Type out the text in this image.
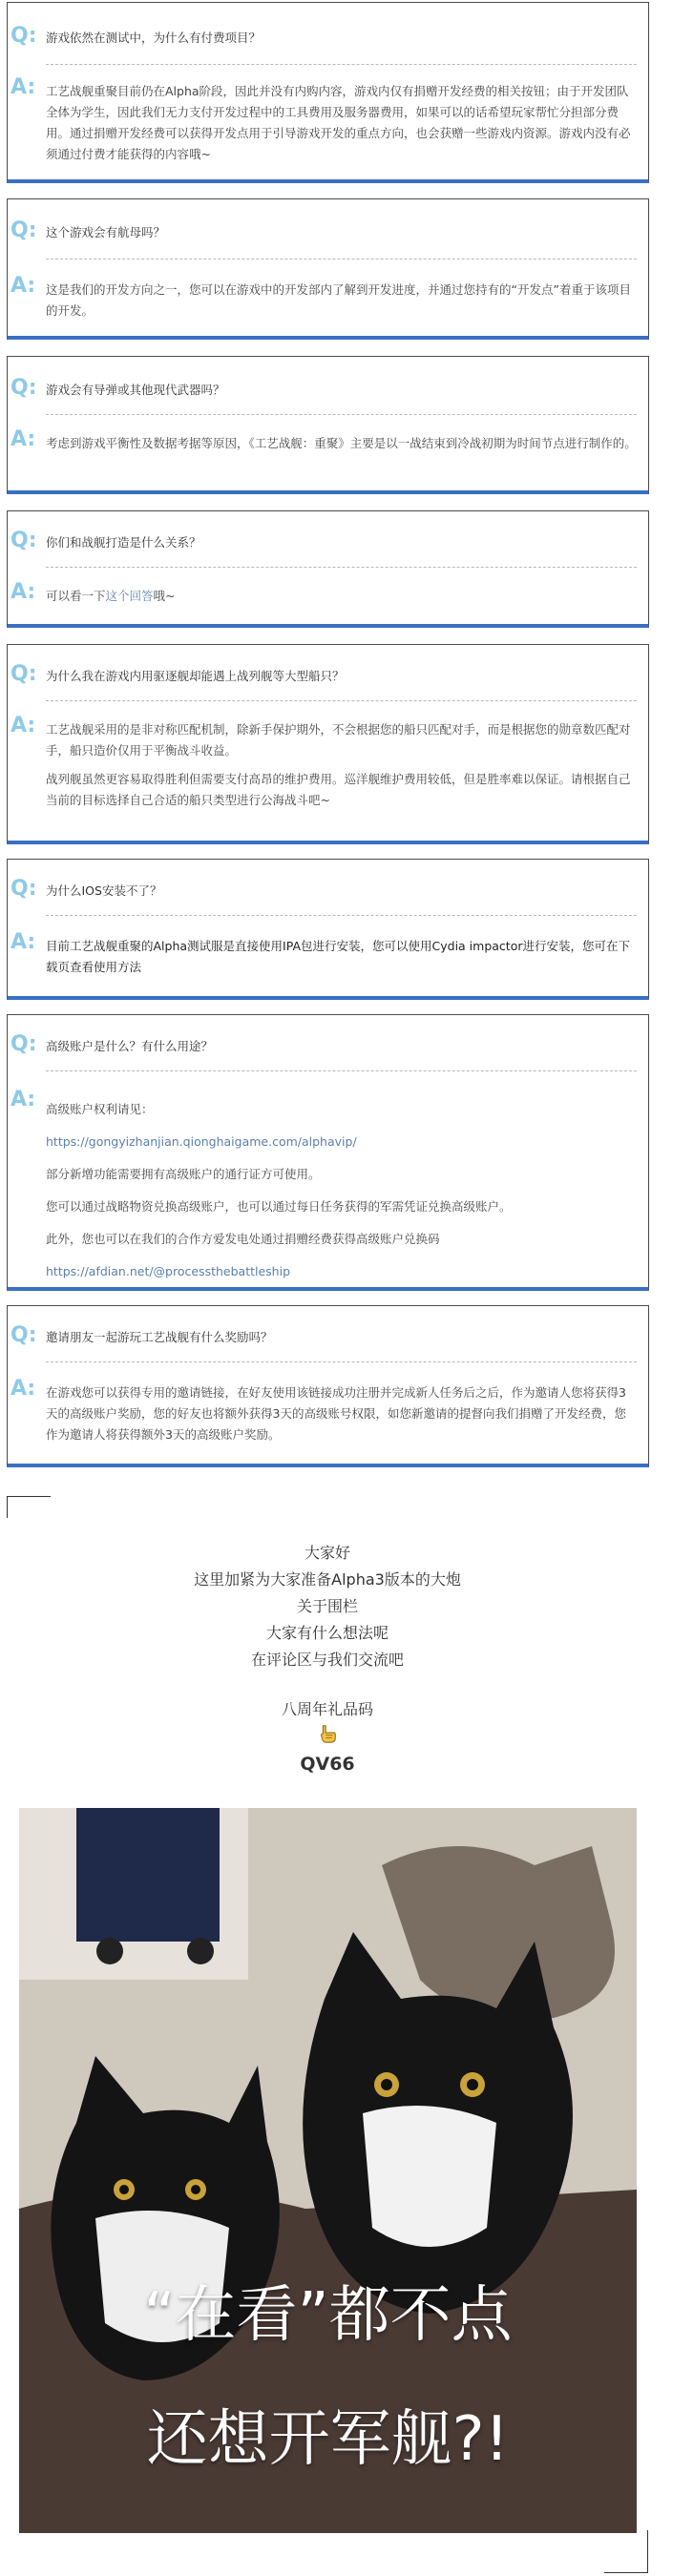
Q: 游戏依然在测试中，为什么有付费项目？
A: 工艺战舰重聚目前仍在Alpha阶段，因此并没有内购内容，游戏内仅有捐赠开发经费的相关按钮；由于开发团队全体为学生，因此我们无力支付开发过程中的工具费用及服务器费用，如果可以的话希望玩家帮忙分担部分费用。通过捐赠开发经费可以获得开发点用于引导游戏开发的重点方向，也会获赠一些游戏内资源。游戏内没有必须通过付费才能获得的内容哦~

Q: 这个游戏会有航母吗？
A: 这是我们的开发方向之一，您可以在游戏中的开发部内了解到开发进度，并通过您持有的“开发点”着重于该项目的开发。

Q: 游戏会有导弹或其他现代武器吗？
A: 考虑到游戏平衡性及数据考据等原因，《工艺战舰：重聚》主要是以一战结束到冷战初期为时间节点进行制作的。

Q: 你们和战舰打造是什么关系？
A: 可以看一下这个回答哦~

Q: 为什么我在游戏内用驱逐舰却能遇上战列舰等大型船只？
A: 工艺战舰采用的是非对称匹配机制，除新手保护期外，不会根据您的船只匹配对手，而是根据您的勋章数匹配对手，船只造价仅用于平衡战斗收益。

战列舰虽然更容易取得胜利但需要支付高昂的维护费用。巡洋舰维护费用较低，但是胜率难以保证。请根据自己当前的目标选择自己合适的船只类型进行公海战斗吧~

Q: 为什么IOS安装不了？
A: 目前工艺战舰重聚的Alpha测试服是直接使用IPA包进行安装，您可以使用Cydia impactor进行安装，您可在下载页查看使用方法

Q: 高级账户是什么？有什么用途？
A: 高级账户权利请见：

https://gongyizhanjian.qionghaigame.com/alphavip/

部分新增功能需要拥有高级账户的通行证方可使用。

您可以通过战略物资兑换高级账户，也可以通过每日任务获得的军需凭证兑换高级账户。

此外，您也可以在我们的合作方爱发电处通过捐赠经费获得高级账户兑换码

https://afdian.net/@processthebattleship

Q: 邀请朋友一起游玩工艺战舰有什么奖励吗？
A: 在游戏您可以获得专用的邀请链接，在好友使用该链接成功注册并完成新人任务后之后，作为邀请人您将获得3天的高级账户奖励，您的好友也将额外获得3天的高级账号权限，如您新邀请的提督向我们捐赠了开发经费，您作为邀请人将获得额外3天的高级账户奖励。

大家好
这里加紧为大家准备Alpha3版本的大炮
关于围栏
大家有什么想法呢
在评论区与我们交流吧
八周年礼品码
QV66
“在看”都不点
还想开军舰?!
